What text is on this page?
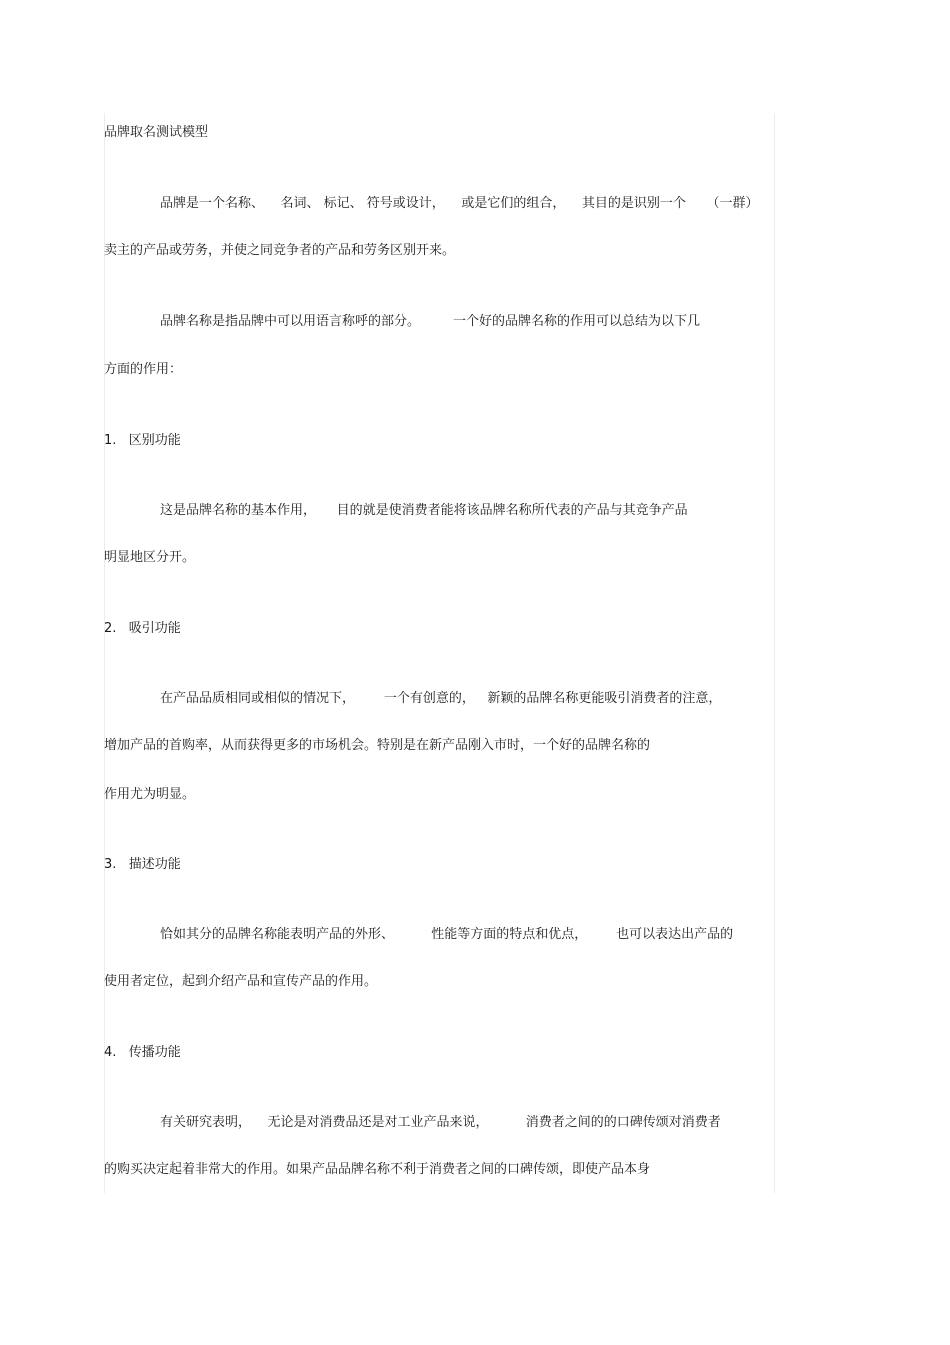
品牌取名测试模型
品牌是一个名称、    名词、 标记、 符号或设计，    或是它们的组合，    其目的是识别一个     （一群）
卖主的产品或劳务，并使之同竞争者的产品和劳务区别开来。
品牌名称是指品牌中可以用语言称呼的部分。        一个好的品牌名称的作用可以总结为以下几
方面的作用：
1.   区别功能
这是品牌名称的基本作用，     目的就是使消费者能将该品牌名称所代表的产品与其竞争产品
明显地区分开。
2.   吸引功能
在产品品质相同或相似的情况下，       一个有创意的，   新颖的品牌名称更能吸引消费者的注意，
增加产品的首购率，从而获得更多的市场机会。特别是在新产品刚入市时，一个好的品牌名称的
作用尤为明显。
3.   描述功能
恰如其分的品牌名称能表明产品的外形、         性能等方面的特点和优点，       也可以表达出产品的
使用者定位，起到介绍产品和宣传产品的作用。
4.   传播功能
有关研究表明，    无论是对消费品还是对工业产品来说，         消费者之间的的口碑传颂对消费者
的购买决定起着非常大的作用。如果产品品牌名称不利于消费者之间的口碑传颂，即使产品本身
